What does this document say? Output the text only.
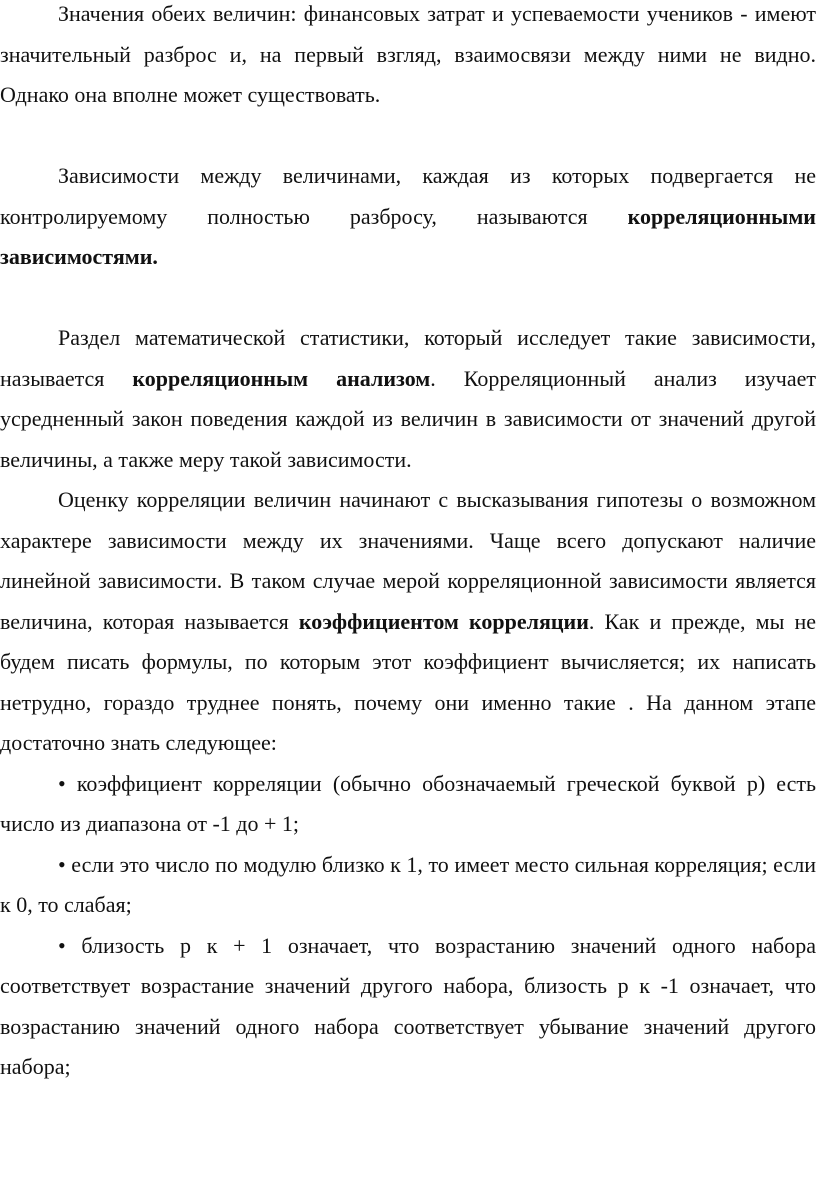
Значения обеих величин: финансовых затрат и успеваемости учеников - имеют значительный разброс и, на первый взгляд, взаимосвязи между ними не видно. Однако она вполне может существовать.

Зависимости между величинами, каждая из которых подвергается не контролируемому полностью разбросу, называются корреляционными зависимостями.

Раздел математической статистики, который исследует такие зависимости, называется корреляционным анализом. Корреляционный анализ изучает усредненный закон поведения каждой из величин в зависимости от значений другой величины, а также меру такой зависимости.

Оценку корреляции величин начинают с высказывания гипотезы о возможном характере зависимости между их значениями. Чаще всего допускают наличие линейной зависимости. В таком случае мерой корреляционной зависимости является величина, которая называется коэффициентом корреляции. Как и прежде, мы не будем писать формулы, по которым этот коэффициент вычисляется; их написать нетрудно, гораздо труднее понять, почему они именно такие . На данном этапе достаточно знать следующее:

• коэффициент корреляции (обычно обозначаемый греческой буквой р) есть число из диапазона от -1 до + 1;

• если это число по модулю близко к 1, то имеет место сильная корреляция; если к 0, то слабая;

• близость р к + 1 означает, что возрастанию значений одного набора соответствует возрастание значений другого набора, близость р к -1 означает, что возрастанию значений одного набора соответствует убывание значений другого набора;
